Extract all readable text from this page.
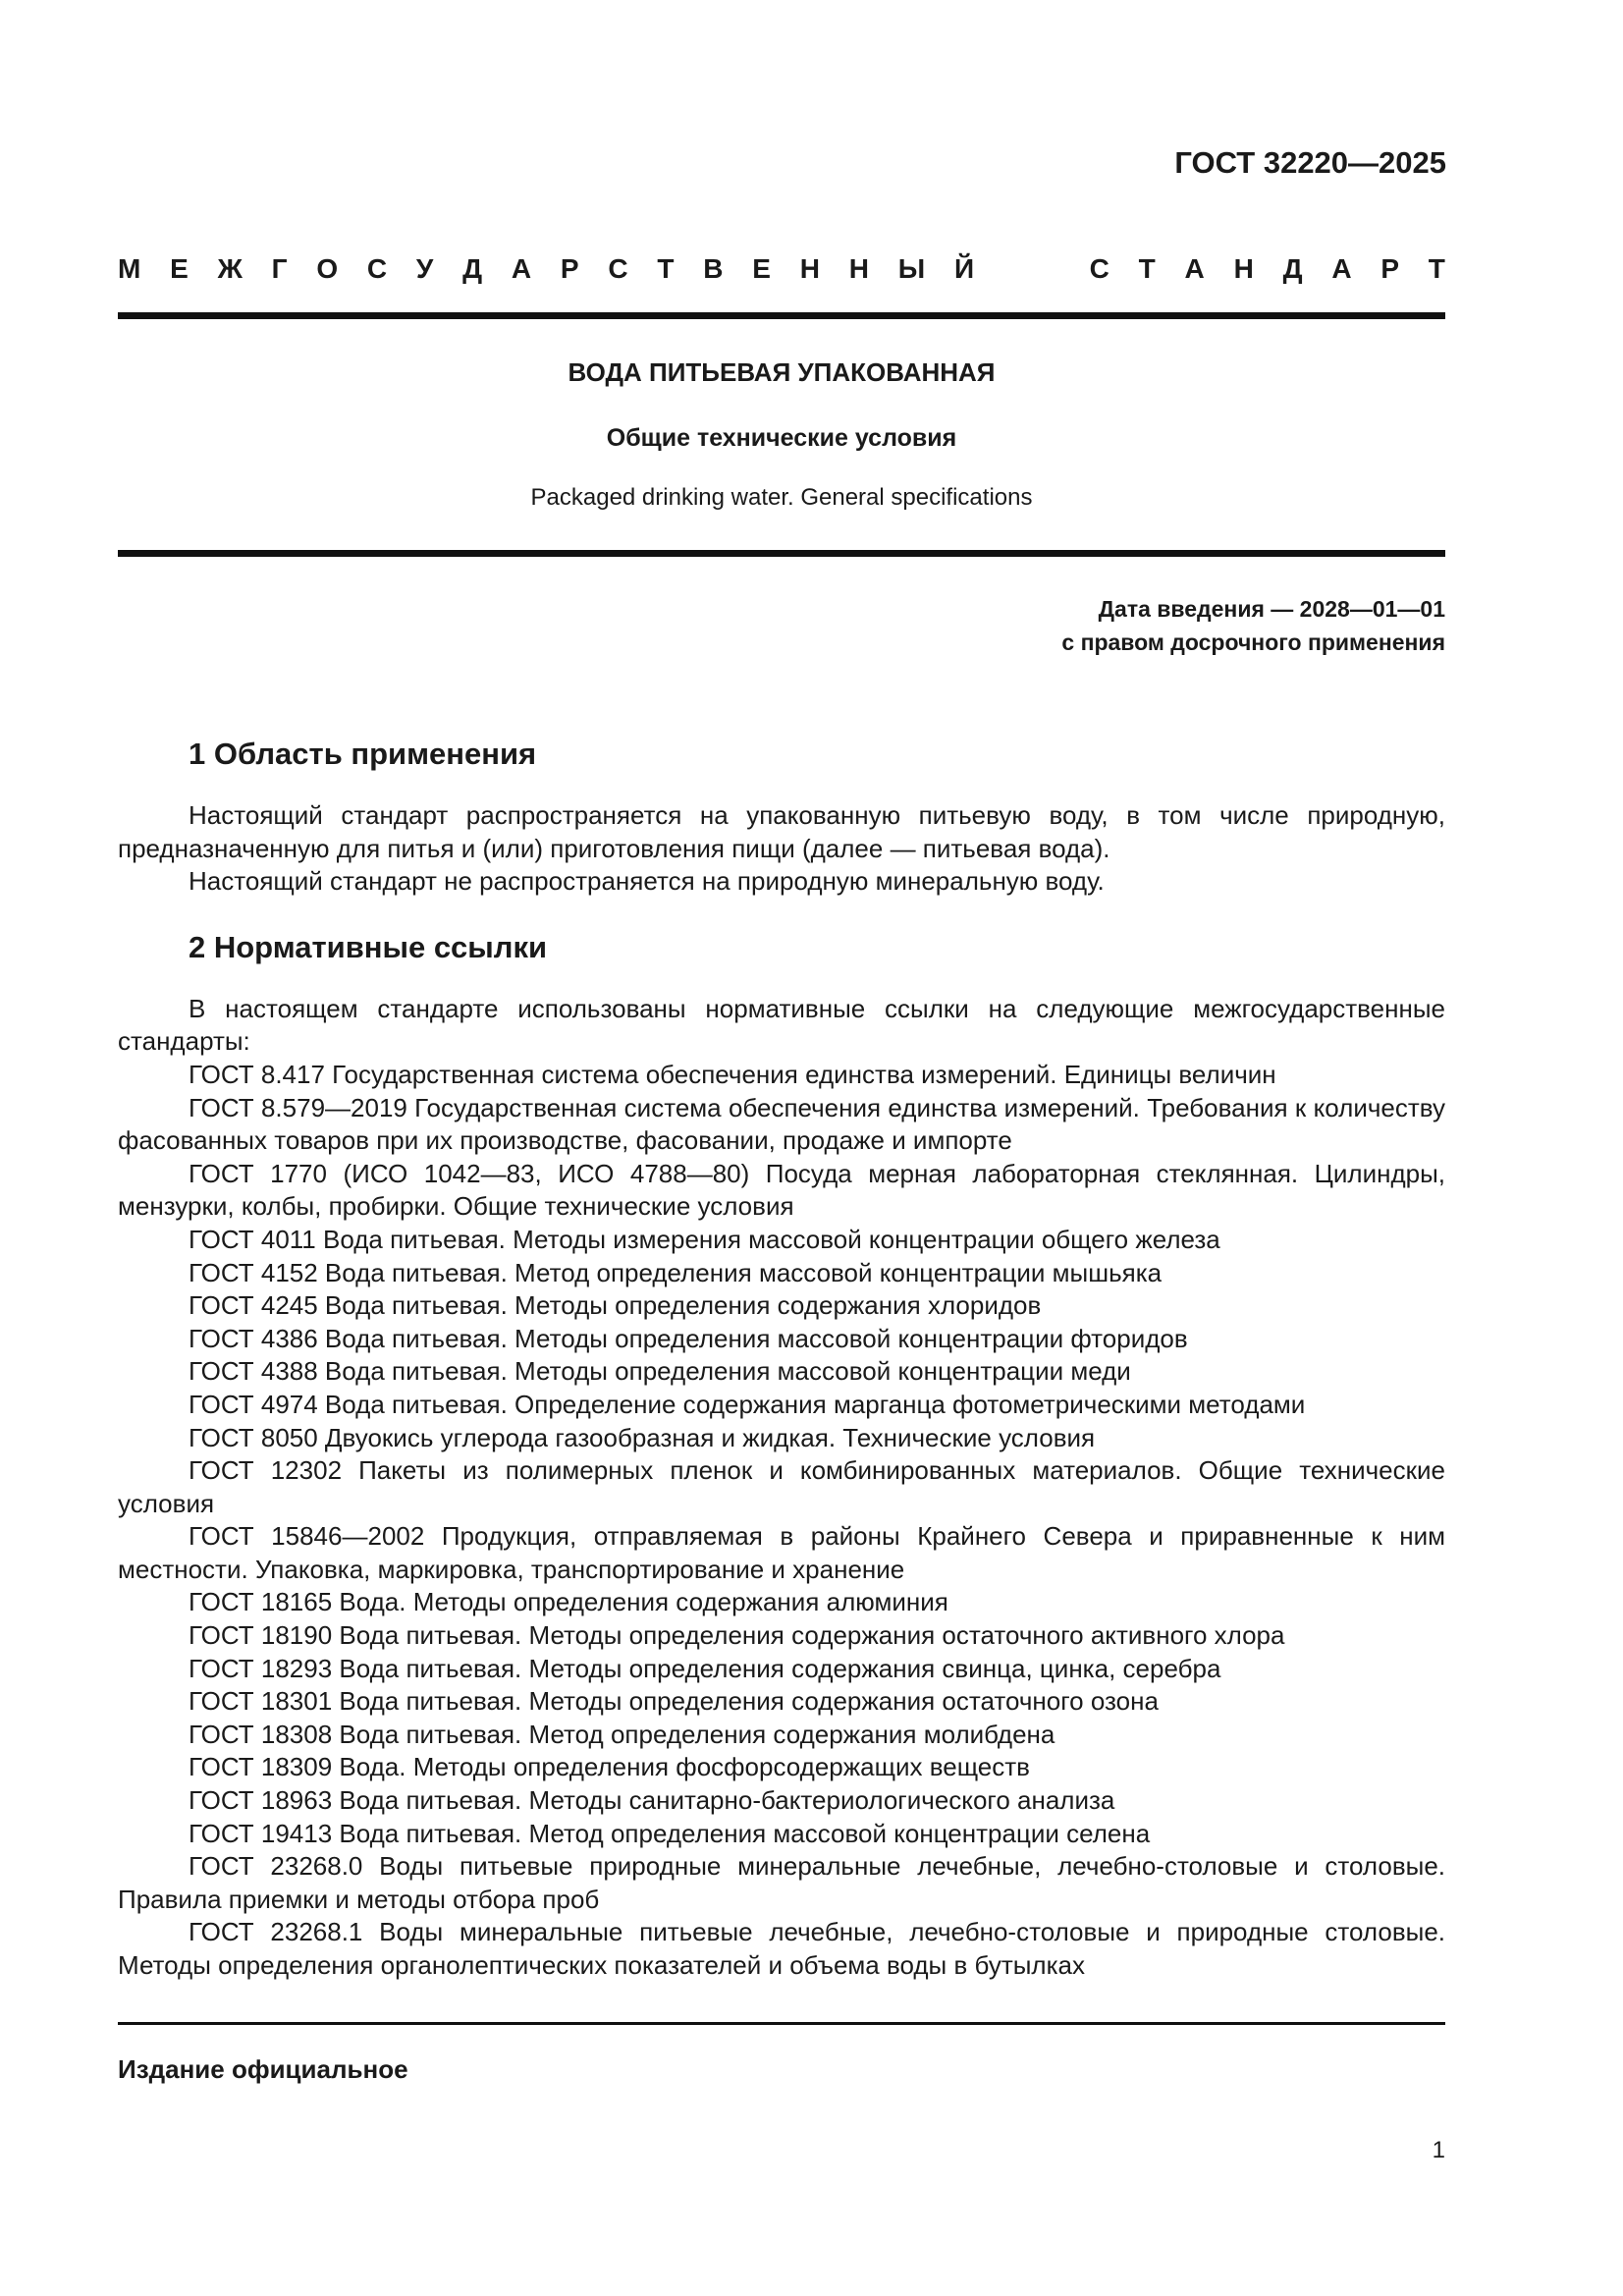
ГОСТ 32220—2025
М Е Ж Г О С У Д А Р С Т В Е Н Н Ы Й	С Т А Н Д А Р Т
ВОДА ПИТЬЕВАЯ УПАКОВАННАЯ
Общие технические условия
Packaged drinking water. General specifications
Дата введения — 2028—01—01
с правом досрочного применения
1 Область применения

Настоящий стандарт распространяется на упакованную питьевую воду, в том числе природную, предназначенную для питья и (или) приготовления пищи (далее — питьевая вода).

Настоящий стандарт не распространяется на природную минеральную воду.

2 Нормативные ссылки

В настоящем стандарте использованы нормативные ссылки на следующие межгосударственные стандарты:

ГОСТ 8.417 Государственная система обеспечения единства измерений. Единицы величин

ГОСТ 8.579—2019 Государственная система обеспечения единства измерений. Требования к количеству фасованных товаров при их производстве, фасовании, продаже и импорте

ГОСТ 1770 (ИСО 1042—83, ИСО 4788—80) Посуда мерная лабораторная стеклянная. Цилиндры, мензурки, колбы, пробирки. Общие технические условия

ГОСТ 4011 Вода питьевая. Методы измерения массовой концентрации общего железа

ГОСТ 4152 Вода питьевая. Метод определения массовой концентрации мышьяка

ГОСТ 4245 Вода питьевая. Методы определения содержания хлоридов

ГОСТ 4386 Вода питьевая. Методы определения массовой концентрации фторидов

ГОСТ 4388 Вода питьевая. Методы определения массовой концентрации меди

ГОСТ 4974 Вода питьевая. Определение содержания марганца фотометрическими методами

ГОСТ 8050 Двуокись углерода газообразная и жидкая. Технические условия

ГОСТ 12302 Пакеты из полимерных пленок и комбинированных материалов. Общие технические условия

ГОСТ 15846—2002 Продукция, отправляемая в районы Крайнего Севера и приравненные к ним местности. Упаковка, маркировка, транспортирование и хранение

ГОСТ 18165 Вода. Методы определения содержания алюминия

ГОСТ 18190 Вода питьевая. Методы определения содержания остаточного активного хлора

ГОСТ 18293 Вода питьевая. Методы определения содержания свинца, цинка, серебра

ГОСТ 18301 Вода питьевая. Методы определения содержания остаточного озона

ГОСТ 18308 Вода питьевая. Метод определения содержания молибдена

ГОСТ 18309 Вода. Методы определения фосфорсодержащих веществ

ГОСТ 18963 Вода питьевая. Методы санитарно-бактериологического анализа

ГОСТ 19413 Вода питьевая. Метод определения массовой концентрации селена

ГОСТ 23268.0 Воды питьевые природные минеральные лечебные, лечебно-столовые и столовые. Правила приемки и методы отбора проб

ГОСТ 23268.1 Воды минеральные питьевые лечебные, лечебно-столовые и природные столовые. Методы определения органолептических показателей и объема воды в бутылках

Издание официальное
1
